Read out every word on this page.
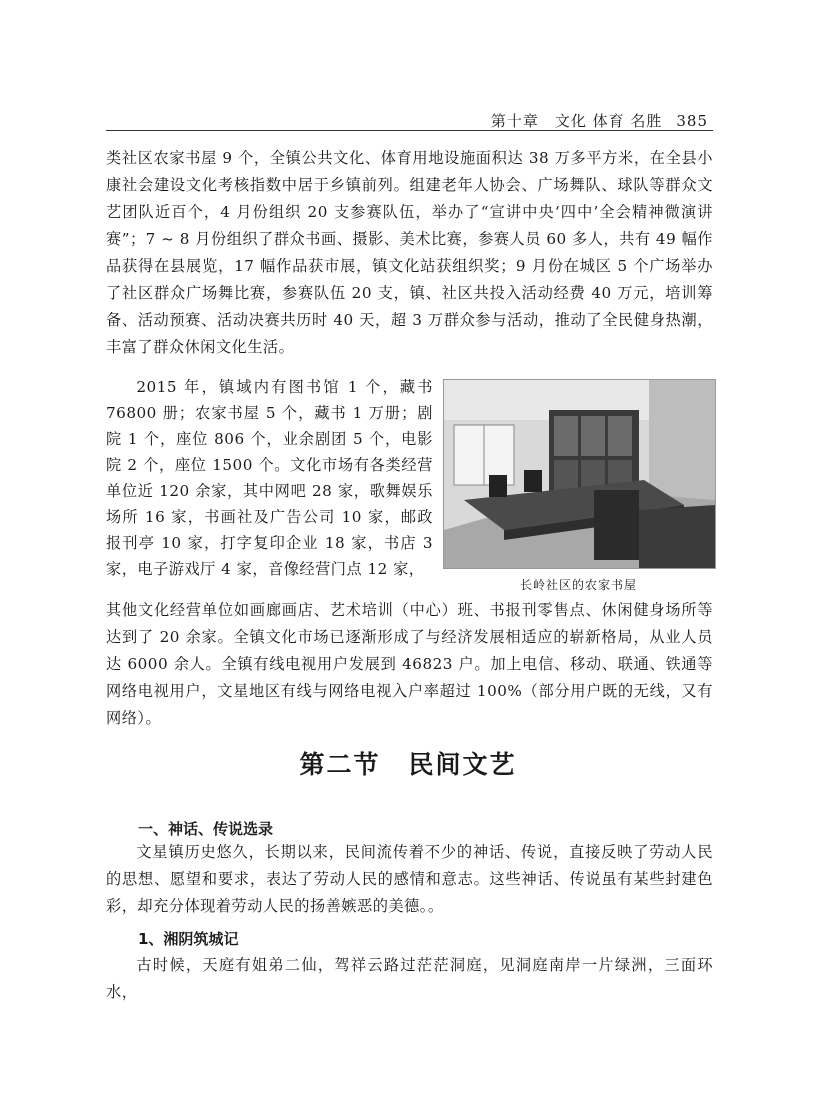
第十章　文化 体育 名胜 385

类社区农家书屋 9 个，全镇公共文化、体育用地设施面积达 38 万多平方米，在全县小康社会建设文化考核指数中居于乡镇前列。组建老年人协会、广场舞队、球队等群众文艺团队近百个，4 月份组织 20 支参赛队伍，举办了“宣讲中央‘四中’全会精神微演讲赛”；7 ~ 8 月份组织了群众书画、摄影、美术比赛，参赛人员 60 多人，共有 49 幅作品获得在县展览，17 幅作品获市展，镇文化站获组织奖；9 月份在城区 5 个广场举办了社区群众广场舞比赛，参赛队伍 20 支，镇、社区共投入活动经费 40 万元，培训筹备、活动预赛、活动决赛共历时 40 天，超 3 万群众参与活动，推动了全民健身热潮，丰富了群众休闲文化生活。

2015 年，镇域内有图书馆 1 个，藏书 76800 册；农家书屋 5 个，藏书 1 万册；剧院 1 个，座位 806 个，业余剧团 5 个，电影院 2 个，座位 1500 个。文化市场有各类经营单位近 120 余家，其中网吧 28 家，歌舞娱乐场所 16 家，书画社及广告公司 10 家，邮政报刊亭 10 家，打字复印企业 18 家，书店 3 家，电子游戏厅 4 家，音像经营门点 12 家，
长岭社区的农家书屋

其他文化经营单位如画廊画店、艺术培训（中心）班、书报刊零售点、休闲健身场所等达到了 20 余家。全镇文化市场已逐渐形成了与经济发展相适应的崭新格局，从业人员达 6000 余人。全镇有线电视用户发展到 46823 户。加上电信、移动、联通、铁通等网络电视用户，文星地区有线与网络电视入户率超过 100%（部分用户既的无线，又有网络）。

第二节 民间文艺
一、神话、传说选录

文星镇历史悠久，长期以来，民间流传着不少的神话、传说，直接反映了劳动人民的思想、愿望和要求，表达了劳动人民的感情和意志。这些神话、传说虽有某些封建色彩，却充分体现着劳动人民的扬善嫉恶的美德。。

1、湘阴筑城记

古时候，天庭有姐弟二仙，驾祥云路过茫茫洞庭，见洞庭南岸一片绿洲，三面环水，
